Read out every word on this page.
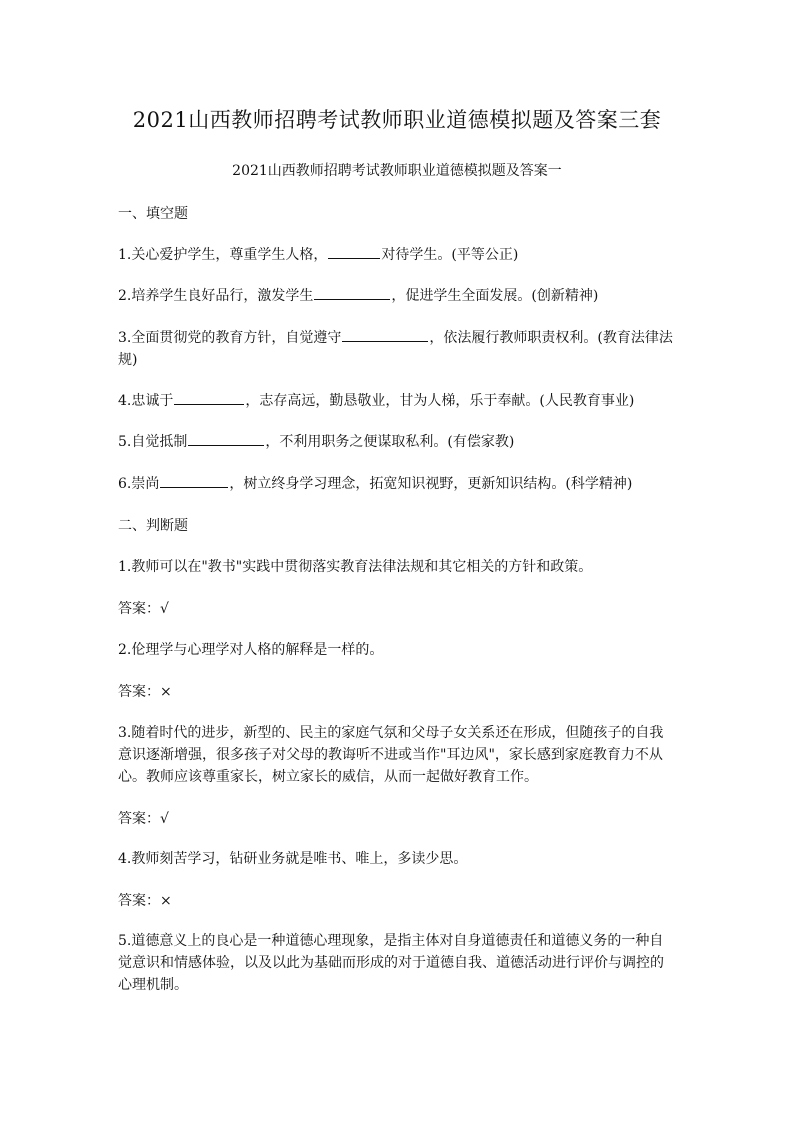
2021山西教师招聘考试教师职业道德模拟题及答案三套
2021山西教师招聘考试教师职业道德模拟题及答案一

一、填空题

1.关心爱护学生，尊重学生人格，	对待学生。(平等公正)

2.培养学生良好品行，激发学生	，促进学生全面发展。(创新精神)

3.全面贯彻党的教育方针，自觉遵守	，依法履行教师职责权利。(教育法律法规)

4.忠诚于	，志存高远，勤恳敬业，甘为人梯，乐于奉献。(人民教育事业)

5.自觉抵制	，不利用职务之便谋取私利。(有偿家教)

6.崇尚	，树立终身学习理念，拓宽知识视野，更新知识结构。(科学精神)

二、判断题

1.教师可以在"教书"实践中贯彻落实教育法律法规和其它相关的方针和政策。

答案：√

2.伦理学与心理学对人格的解释是一样的。

答案：×

3.随着时代的进步，新型的、民主的家庭气氛和父母子女关系还在形成，但随孩子的自我意识逐渐增强，很多孩子对父母的教诲听不进或当作"耳边风"，家长感到家庭教育力不从心。教师应该尊重家长，树立家长的威信，从而一起做好教育工作。

答案：√

4.教师刻苦学习，钻研业务就是唯书、唯上，多读少思。

答案：×

5.道德意义上的良心是一种道德心理现象，是指主体对自身道德责任和道德义务的一种自觉意识和情感体验，以及以此为基础而形成的对于道德自我、道德活动进行评价与调控的心理机制。
